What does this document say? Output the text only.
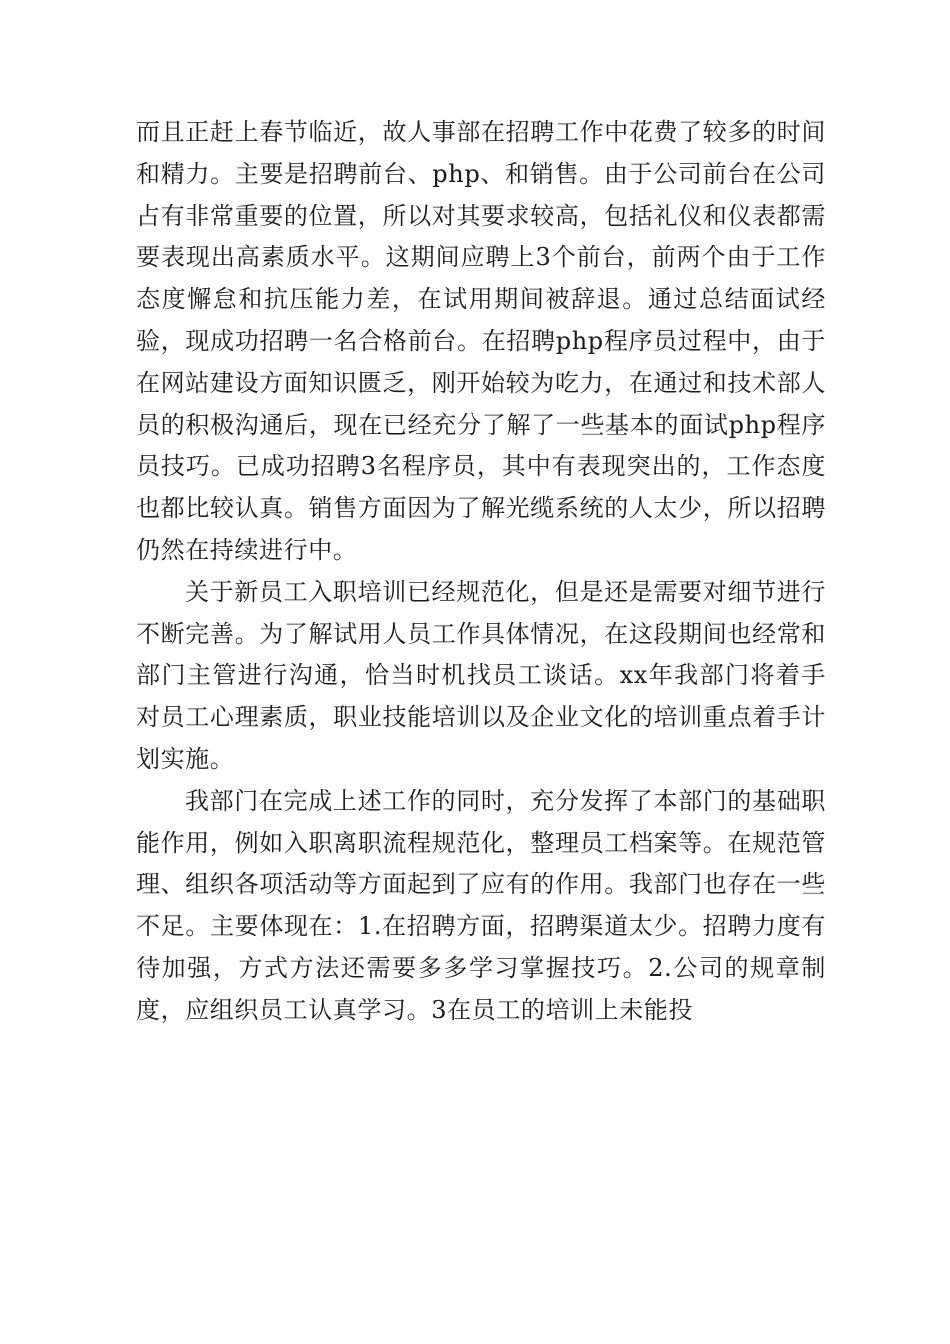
而且正赶上春节临近，故人事部在招聘工作中花费了较多的时间和精力。主要是招聘前台、php、和销售。由于公司前台在公司占有非常重要的位置，所以对其要求较高，包括礼仪和仪表都需要表现出高素质水平。这期间应聘上3个前台，前两个由于工作态度懈怠和抗压能力差，在试用期间被辞退。通过总结面试经验，现成功招聘一名合格前台。在招聘php程序员过程中，由于在网站建设方面知识匮乏，刚开始较为吃力，在通过和技术部人员的积极沟通后，现在已经充分了解了一些基本的面试php程序员技巧。已成功招聘3名程序员，其中有表现突出的，工作态度也都比较认真。销售方面因为了解光缆系统的人太少，所以招聘仍然在持续进行中。

关于新员工入职培训已经规范化，但是还是需要对细节进行不断完善。为了解试用人员工作具体情况，在这段期间也经常和部门主管进行沟通，恰当时机找员工谈话。xx年我部门将着手对员工心理素质，职业技能培训以及企业文化的培训重点着手计划实施。

我部门在完成上述工作的同时，充分发挥了本部门的基础职能作用，例如入职离职流程规范化，整理员工档案等。在规范管理、组织各项活动等方面起到了应有的作用。我部门也存在一些不足。主要体现在：1.在招聘方面，招聘渠道太少。招聘力度有待加强，方式方法还需要多多学习掌握技巧。2.公司的规章制度，应组织员工认真学习。3在员工的培训上未能投
